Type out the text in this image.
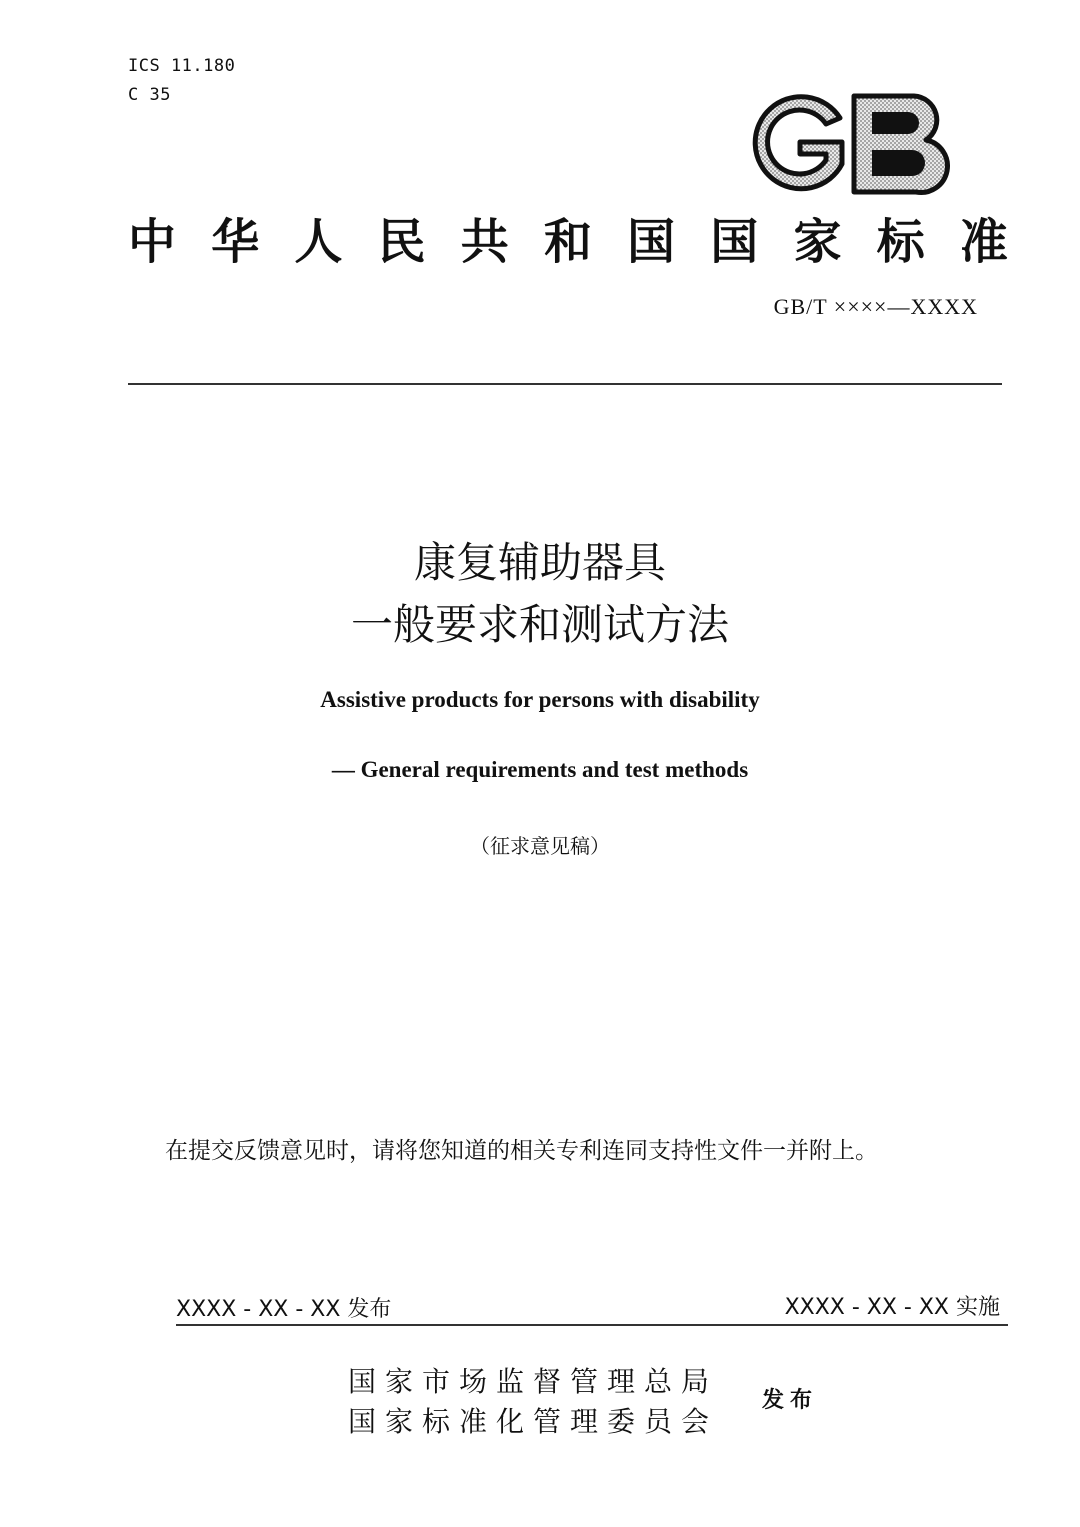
ICS 11.180
C 35
中 华 人 民 共 和 国 国 家 标 准
GB/T ××××—XXXX
康复辅助器具
一般要求和测试方法
Assistive products for persons with disability
— General requirements and test methods
（征求意见稿）
在提交反馈意见时，请将您知道的相关专利连同支持性文件一并附上。
XXXX - XX - XX 发布	XXXX - XX - XX 实施
国家市场监督管理总局
国家标准化管理委员会
发布
